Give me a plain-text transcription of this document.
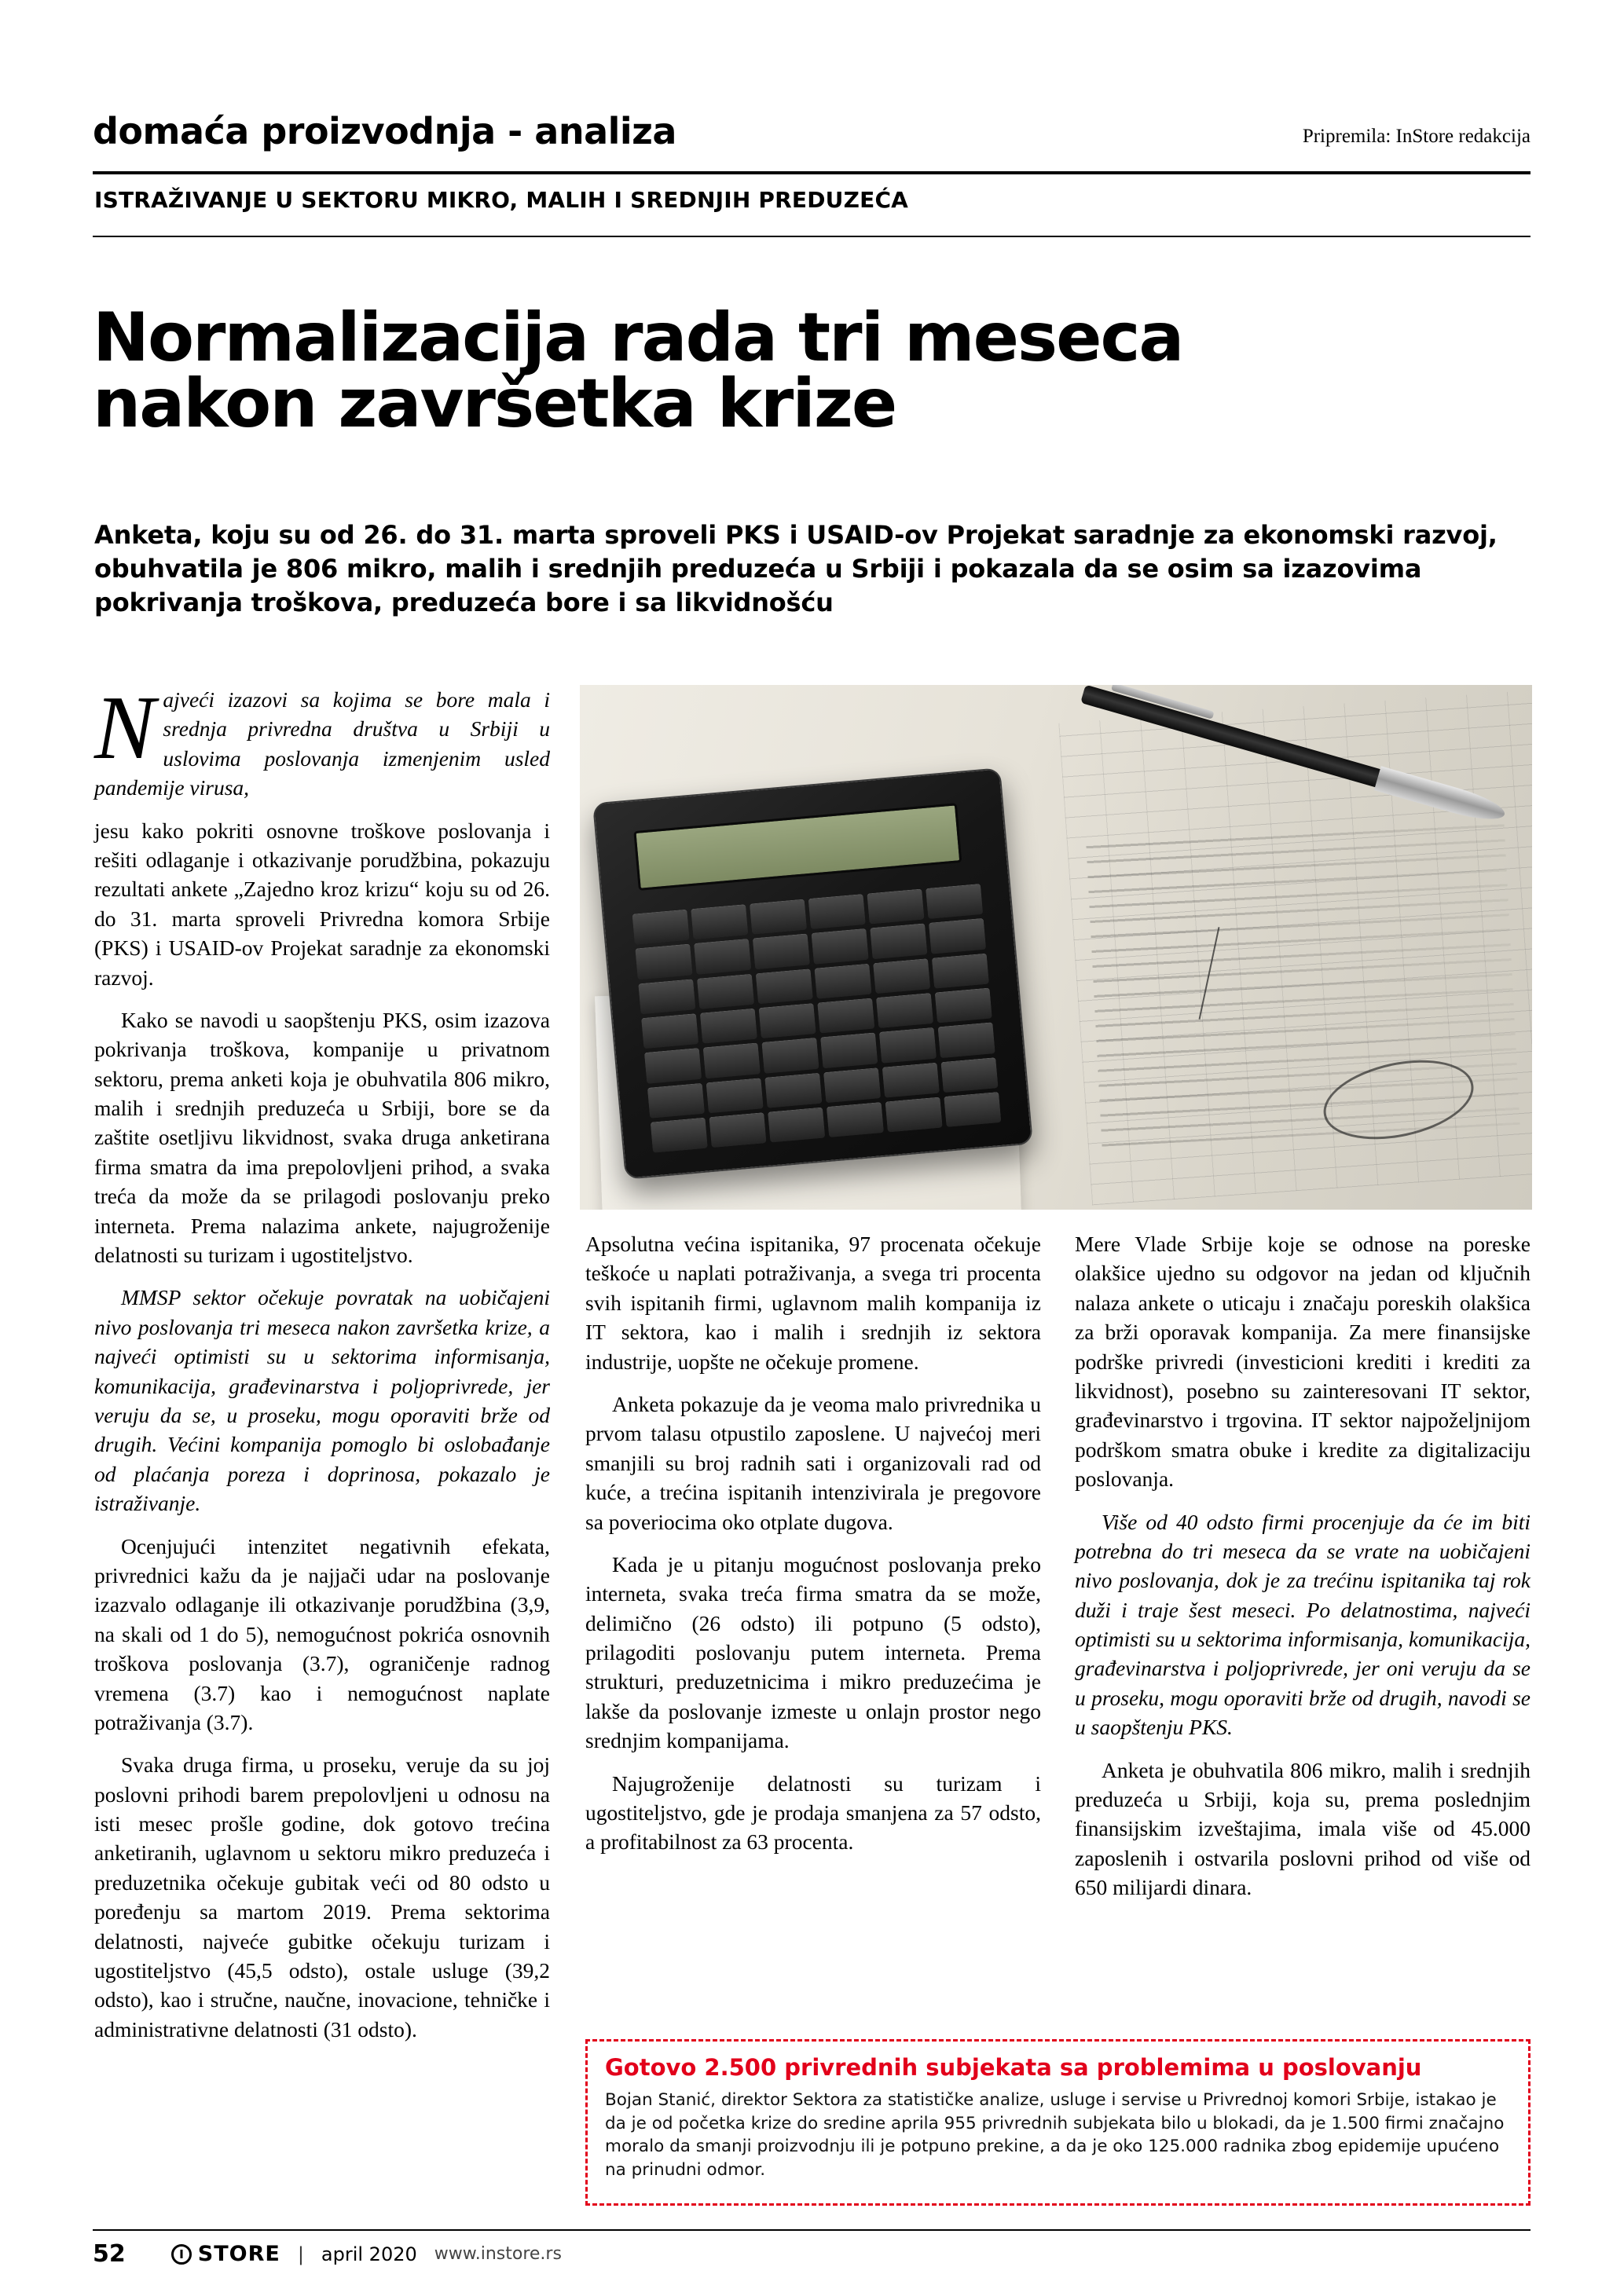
domaća proizvodnja - analiza	Pripremila: InStore redakcija
ISTRAŽIVANJE U SEKTORU MIKRO, MALIH I SREDNJIH PREDUZEĆA
Normalizacija rada tri meseca
nakon završetka krize
Anketa, koju su od 26. do 31. marta sproveli PKS i USAID-ov Projekat saradnje za ekonomski razvoj, obuhvatila je 806 mikro, malih i srednjih preduzeća u Srbiji i pokazala da se osim sa izazovima pokrivanja troškova, preduzeća bore i sa likvidnošću

Najveći izazovi sa kojima se bore mala i srednja privredna društva u Srbiji u uslovima poslovanja izmenjenim usled pandemije virusa,

jesu kako pokriti osnovne troškove poslovanja i rešiti odlaganje i otkazivanje porudžbina, pokazuju rezultati ankete „Zajedno kroz krizu“ koju su od 26. do 31. marta sproveli Privredna komora Srbije (PKS) i USAID-ov Projekat saradnje za ekonomski razvoj.

Kako se navodi u saopštenju PKS, osim izazova pokrivanja troškova, kompanije u privatnom sektoru, prema anketi koja je obuhvatila 806 mikro, malih i srednjih preduzeća u Srbiji, bore se da zaštite osetljivu likvidnost, svaka druga anketirana firma smatra da ima prepolovljeni prihod, a svaka treća da može da se prilagodi poslovanju preko interneta. Prema nalazima ankete, najugroženije delatnosti su turizam i ugostiteljstvo.

MMSP sektor očekuje povratak na uobičajeni nivo poslovanja tri meseca nakon završetka krize, a najveći optimisti su u sektorima informisanja, komunikacija, građevinarstva i poljoprivrede, jer veruju da se, u proseku, mogu oporaviti brže od drugih. Većini kompanija pomoglo bi oslobađanje od plaćanja poreza i doprinosa, pokazalo je istraživanje.

Ocenjujući intenzitet negativnih efekata, privrednici kažu da je najjači udar na poslovanje izazvalo odlaganje ili otkazivanje porudžbina (3,9, na skali od 1 do 5), nemogućnost pokrića osnovnih troškova poslovanja (3.7), ograničenje radnog vremena (3.7) kao i nemogućnost naplate potraživanja (3.7).

Svaka druga firma, u proseku, veruje da su joj poslovni prihodi barem prepolovljeni u odnosu na isti mesec prošle godine, dok gotovo trećina anketiranih, uglavnom u sektoru mikro preduzeća i preduzetnika očekuje gubitak veći od 80 odsto u poređenju sa martom 2019. Prema sektorima delatnosti, najveće gubitke očekuju turizam i ugostiteljstvo (45,5 odsto), ostale usluge (39,2 odsto), kao i stručne, naučne, inovacione, tehničke i administrativne delatnosti (31 odsto).

Apsolutna većina ispitanika, 97 procenata očekuje teškoće u naplati potraživanja, a svega tri procenta svih ispitanih firmi, uglavnom malih kompanija iz IT sektora, kao i malih i srednjih iz sektora industrije, uopšte ne očekuje promene.

Anketa pokazuje da je veoma malo privrednika u prvom talasu otpustilo zaposlene. U najvećoj meri smanjili su broj radnih sati i organizovali rad od kuće, a trećina ispitanih intenzivirala je pregovore sa poveriocima oko otplate dugova.

Kada je u pitanju mogućnost poslovanja preko interneta, svaka treća firma smatra da se može, delimično (26 odsto) ili potpuno (5 odsto), prilagoditi poslovanju putem interneta. Prema strukturi, preduzetnicima i mikro preduzećima je lakše da poslovanje izmeste u onlajn prostor nego srednjim kompanijama.

Najugroženije delatnosti su turizam i ugostiteljstvo, gde je prodaja smanjena za 57 odsto, a profitabilnost za 63 procenta.

Mere Vlade Srbije koje se odnose na poreske olakšice ujedno su odgovor na jedan od ključnih nalaza ankete o uticaju i značaju poreskih olakšica za brži oporavak kompanija. Za mere finansijske podrške privredi (investicioni krediti i krediti za likvidnost), posebno su zainteresovani IT sektor, građevinarstvo i trgovina. IT sektor najpoželjnijom podrškom smatra obuke i kredite za digitalizaciju poslovanja.

Više od 40 odsto firmi procenjuje da će im biti potrebna do tri meseca da se vrate na uobičajeni nivo poslovanja, dok je za trećinu ispitanika taj rok duži i traje šest meseci. Po delatnostima, najveći optimisti su u sektorima informisanja, komunikacija, građevinarstva i poljoprivrede, jer oni veruju da se u proseku, mogu oporaviti brže od drugih, navodi se u saopštenju PKS.

Anketa je obuhvatila 806 mikro, malih i srednjih preduzeća u Srbiji, koja su, prema poslednjim finansijskim izveštajima, imala više od 45.000 zaposlenih i ostvarila poslovni prihod od više od 650 milijardi dinara.

Gotovo 2.500 privrednih subjekata sa problemima u poslovanju
Bojan Stanić, direktor Sektora za statističke analize, usluge i servise u Privrednoj komori Srbije, istakao je da je od početka krize do sredine aprila 955 privrednih subjekata bilo u blokadi, da je 1.500 firmi značajno moralo da smanji proizvodnju ili je potpuno prekine, a da je oko 125.000 radnika zbog epidemije upućeno na prinudni odmor.
52	STORE | april 2020 www.instore.rs
